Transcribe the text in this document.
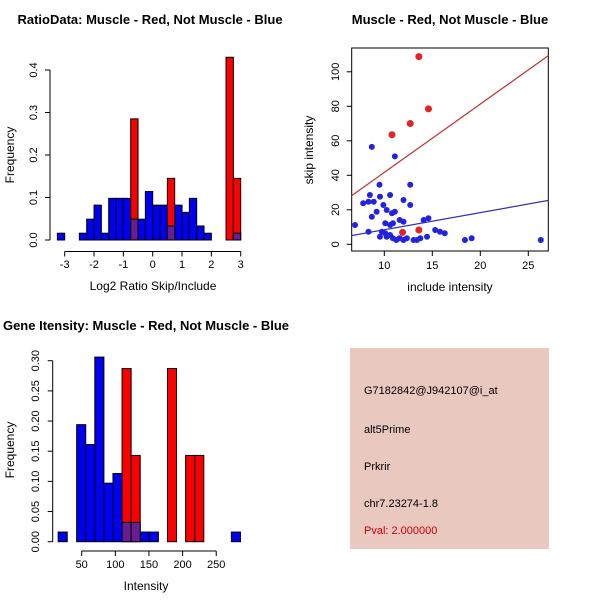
-3 -2 -1 0 1 2 3
0.0
0.1
0.2
0.3
0.4
Log2 Ratio Skip/Include
Frequency
RatioData: Muscle - Red, Not Muscle - Blue
10	15	20	25
0
20
40
60
80
100
include intensity
skip intensity
Muscle - Red, Not Muscle - Blue
50 100 150 200 250
0.00
0.05
0.10
0.15
0.20
0.25
0.30
Intensity
Frequency
Gene Itensity: Muscle - Red, Not Muscle - Blue
G7182842@J942107@i_at
alt5Prime
Prkrir
chr7.23274-1.8
Pval: 2.000000
